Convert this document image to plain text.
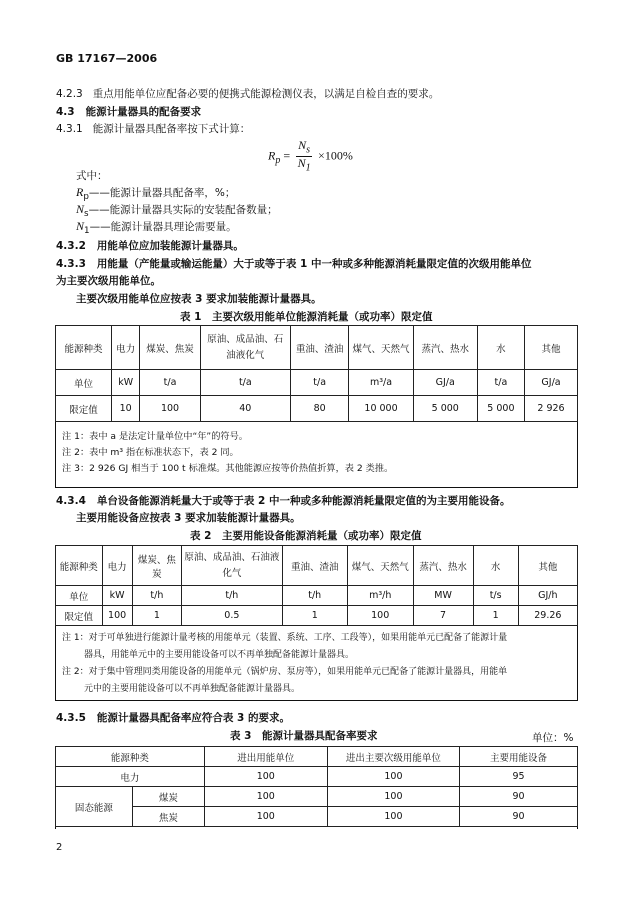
GB 17167—2006
4.2.3 重点用能单位应配备必要的便携式能源检测仪表，以满足自检自查的要求。
4.3 能源计量器具的配备要求
4.3.1 能源计量器具配备率按下式计算：
$R_p = \frac{N_s}{N_1} \times 100\%$
式中：
$R_p——$能源计量器具配备率，%；
$N_s——$能源计量器具实际的安装配备数量；
$N_1——$能源计量器具理论需要量。
4.3.2 用能单位应加装能源计量器具。
4.3.3 用能量（产能量或输运能量）大于或等于表 1 中一种或多种能源消耗量限定值的次级用能单位
为主要次级用能单位。
主要次级用能单位应按表 3 要求加装能源计量器具。
表 1　主要次级用能单位能源消耗量（或功率）限定值
能源种类	电力	煤炭、焦炭	原油、成品油、石油液化气	重油、渣油	煤气、天然气	蒸汽、热水	水	其他
单位	kW	t/a	t/a	t/a	m³/a	GJ/a	t/a	GJ/a
限定值	10	100	40	80	10 000	5 000	5 000	2 926
注 1：表中 a 是法定计量单位中“年”的符号。
注 2：表中 m³ 指在标准状态下，表 2 同。
注 3：2 926 GJ 相当于 100 t 标准煤。其他能源应按等价热值折算，表 2 类推。
4.3.4 单台设备能源消耗量大于或等于表 2 中一种或多种能源消耗量限定值的为主要用能设备。
主要用能设备应按表 3 要求加装能源计量器具。
表 2　主要用能设备能源消耗量（或功率）限定值
能源种类	电力	煤炭、焦炭	原油、成品油、石油液化气	重油、渣油	煤气、天然气	蒸汽、热水	水	其他
单位	kW	t/h	t/h	t/h	m³/h	MW	t/s	GJ/h
限定值	100	1	0.5	1	100	7	1	29.26
注 1：对于可单独进行能源计量考核的用能单元（装置、系统、工序、工段等），如果用能单元已配备了能源计量
器具，用能单元中的主要用能设备可以不再单独配备能源计量器具。
注 2：对于集中管理同类用能设备的用能单元（锅炉房、泵房等），如果用能单元已配备了能源计量器具，用能单
元中的主要用能设备可以不再单独配备能源计量器具。
4.3.5 能源计量器具配备率应符合表 3 的要求。
表 3　能源计量器具配备率要求	单位：%
能源种类		进出用能单位	进出主要次级用能单位	主要用能设备
电力		100	100	95
固态能源	煤炭	100	100	90
	焦炭	100	100	90
2
